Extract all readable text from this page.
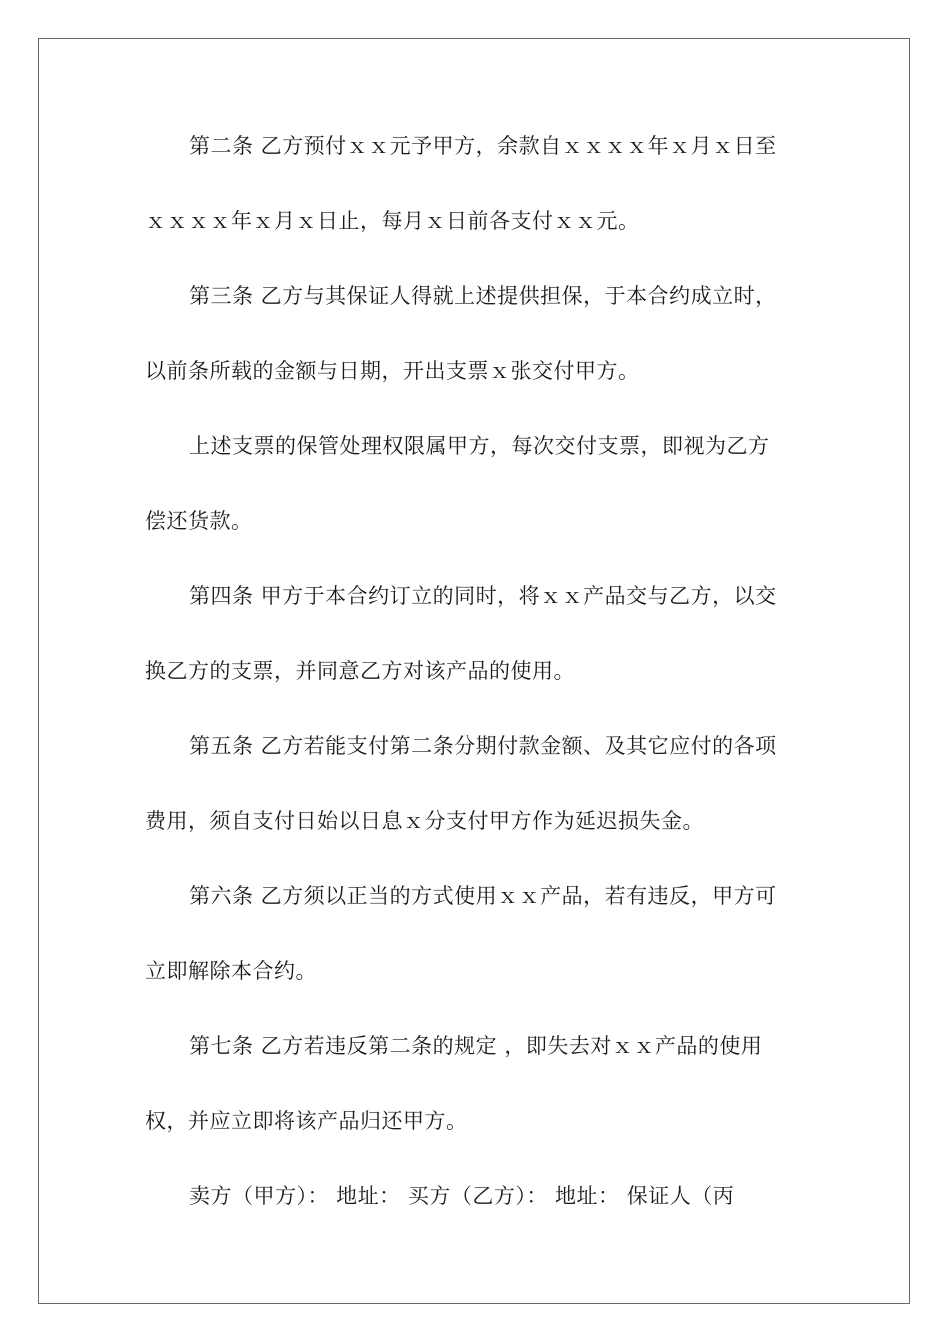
第二条 乙方预付ｘｘ元予甲方，余款自ｘｘｘｘ年ｘ月ｘ日至

ｘｘｘｘ年ｘ月ｘ日止，每月ｘ日前各支付ｘｘ元。

第三条 乙方与其保证人得就上述提供担保，于本合约成立时，

以前条所载的金额与日期，开出支票ｘ张交付甲方。

上述支票的保管处理权限属甲方，每次交付支票，即视为乙方

偿还货款。

第四条 甲方于本合约订立的同时，将ｘｘ产品交与乙方，以交

换乙方的支票，并同意乙方对该产品的使用。

第五条 乙方若能支付第二条分期付款金额、及其它应付的各项

费用，须自支付日始以日息ｘ分支付甲方作为延迟损失金。

第六条 乙方须以正当的方式使用ｘｘ产品，若有违反，甲方可

立即解除本合约。

第七条 乙方若违反第二条的规定 ，即失去对ｘｘ产品的使用

权，并应立即将该产品归还甲方。

卖方（甲方）： 地址： 买方（乙方）： 地址： 保证人（丙
